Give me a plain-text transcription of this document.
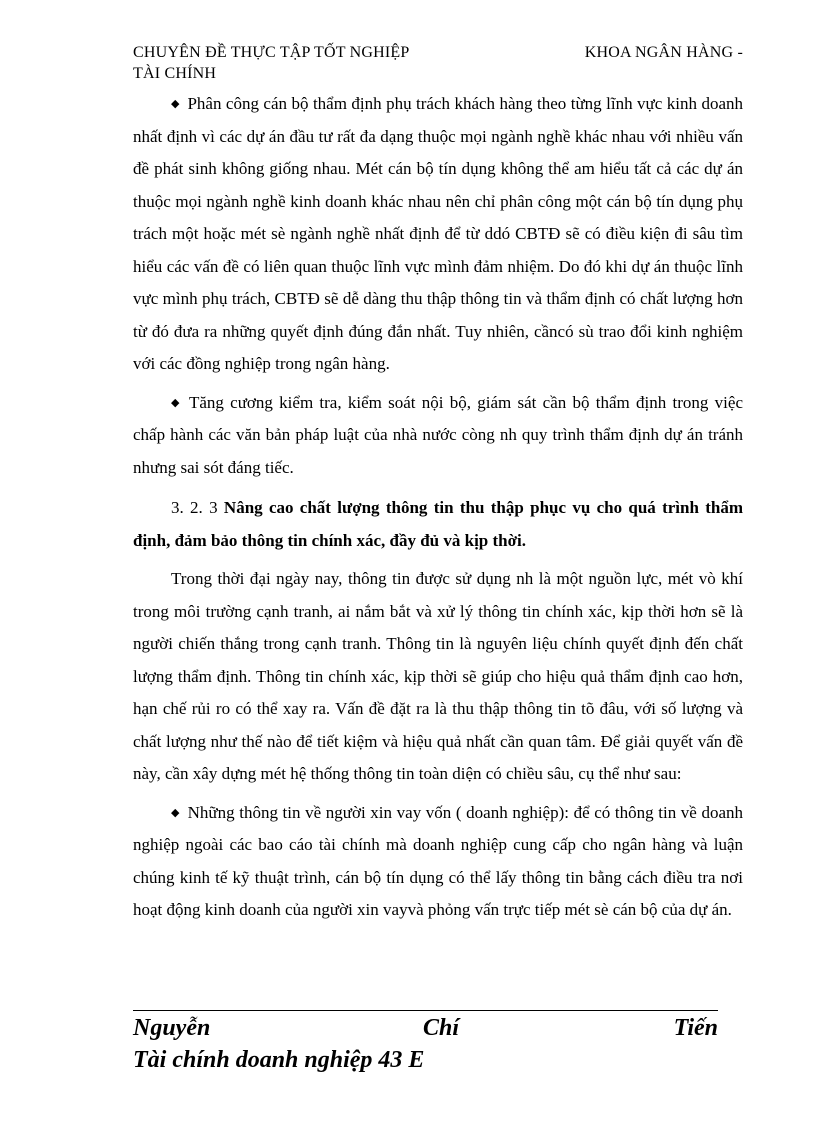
CHUYÊN ĐỀ THỰC TẬP TỐT NGHIỆP	KHOA NGÂN HÀNG -
TÀI CHÍNH

◆ Phân công cán bộ thẩm định phụ trách khách hàng theo từng lĩnh vực kinh doanh nhất định vì các dự án đầu tư rất đa dạng thuộc mọi ngành nghề khác nhau với nhiều vấn đề phát sinh không giống nhau. Mét cán bộ tín dụng không thể am hiểu tất cả các dự án thuộc mọi ngành nghề kinh doanh khác nhau nên chỉ phân công một cán bộ tín dụng phụ trách một hoặc mét sè ngành nghề nhất định để từ ddó CBTĐ sẽ có điều kiện đi sâu tìm hiểu các vấn đề có liên quan thuộc lĩnh vực mình đảm nhiệm. Do đó khi dự án thuộc lĩnh vực mình phụ trách, CBTĐ sẽ dễ dàng thu thập thông tin và thẩm định có chất lượng hơn từ đó đưa ra những quyết định đúng đắn nhất. Tuy nhiên, cầncó sù trao đổi kinh nghiệm với các đồng nghiệp trong ngân hàng.

◆ Tăng cương kiểm tra, kiểm soát nội bộ, giám sát cần bộ thẩm định trong việc chấp hành các văn bản pháp luật của nhà nước còng nh quy trình thẩm định dự án tránh nhưng sai sót đáng tiếc.

3. 2. 3 Nâng cao chất lượng thông tin thu thập phục vụ cho quá trình thẩm định, đảm bảo thông tin chính xác, đầy đủ và kịp thời.

Trong thời đại ngày nay, thông tin được sử dụng nh là một nguồn lực, mét vò khí trong môi trường cạnh tranh, ai nắm bắt và xử lý thông tin chính xác, kịp thời hơn sẽ là người chiến thắng trong cạnh tranh. Thông tin là nguyên liệu chính quyết định đến chất lượng thẩm định. Thông tin chính xác, kịp thời sẽ giúp cho hiệu quả thẩm định cao hơn, hạn chế rủi ro có thể xay ra. Vấn đề đặt ra là thu thập thông tin tõ đâu, với số lượng và chất lượng như thế nào để tiết kiệm và hiệu quả nhất cần quan tâm. Để giải quyết vấn đề này, cần xây dựng mét hệ thống thông tin toàn diện có chiều sâu, cụ thể như sau:

◆ Những thông tin về người xin vay vốn ( doanh nghiệp): để có thông tin về doanh nghiệp ngoài các bao cáo tài chính mà doanh nghiệp cung cấp cho ngân hàng và luận chúng kinh tế kỹ thuật trình, cán bộ tín dụng có thể lấy thông tin bằng cách điều tra nơi hoạt động kinh doanh của người xin vayvà phỏng vấn trực tiếp mét sè cán bộ của dự án.

Nguyễn	Chí	Tiến
Tài chính doanh nghiệp 43 E
